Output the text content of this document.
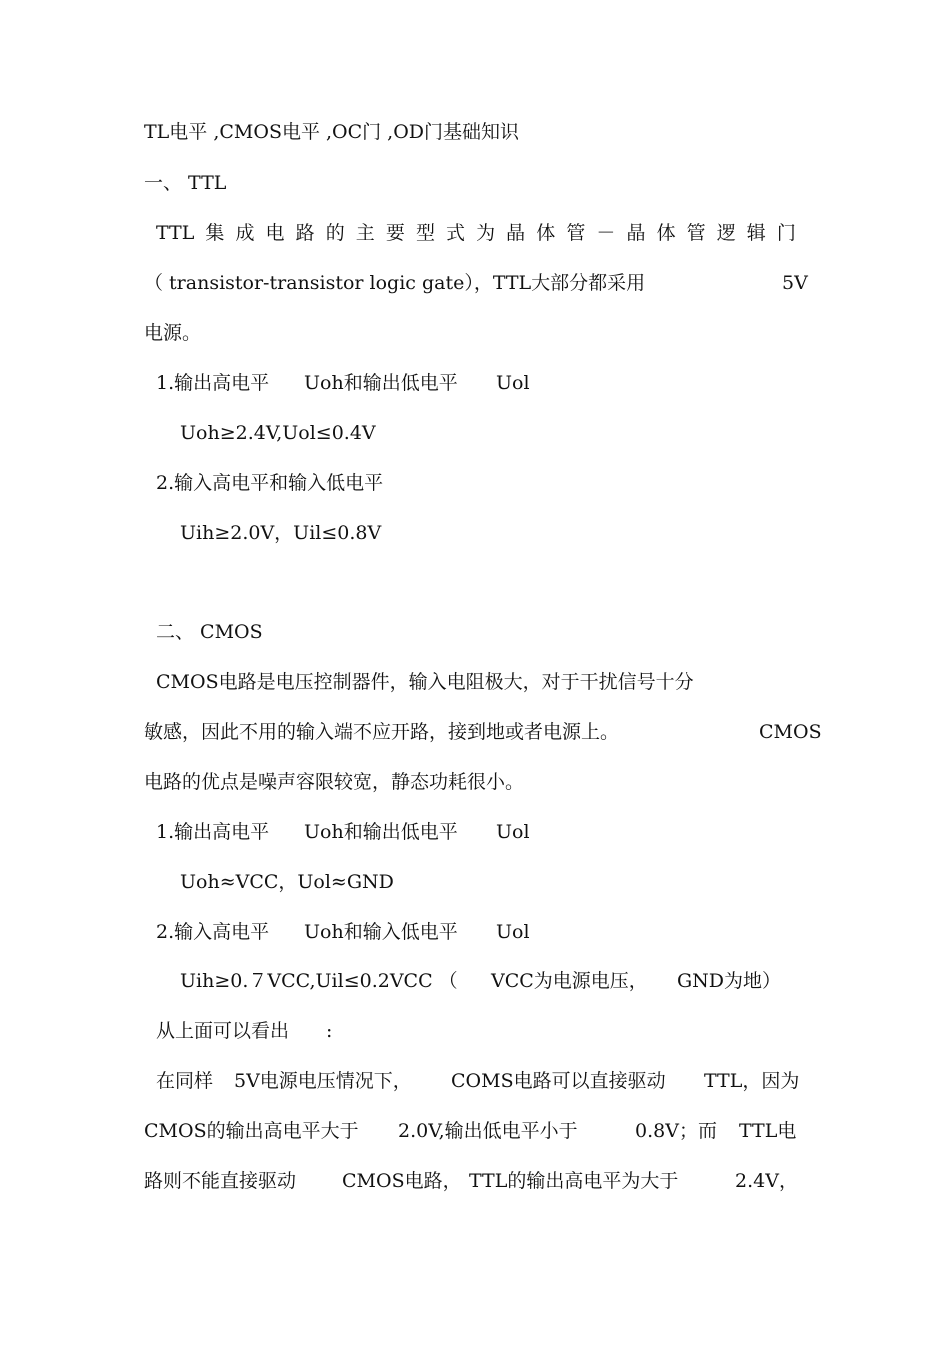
TL电平 ,CMOS电平 ,OC门 ,OD门基础知识

一、 TTL

TTL 集 成 电 路 的 主 要 型 式 为 晶 体 管 － 晶 体 管 逻 辑 门

（ transistor-transistor logic gate），TTL大部分都采用

	5V

电源。

1.输出高电平

Uoh和输出低电平

Uol

Uoh≥2.4V,Uol≤0.4V

2.输入高电平和输入低电平

Uih≥2.0V，Uil≤0.8V

二、 CMOS

CMOS电路是电压控制器件，输入电阻极大，对于干扰信号十分

敏感，因此不用的输入端不应开路，接到地或者电源上。

	CMOS

电路的优点是噪声容限较宽，静态功耗很小。

1.输出高电平

Uoh和输出低电平

Uol

Uoh≈VCC，Uol≈GND

2.输入高电平

Uoh和输入低电平

Uol

Uih≥0.７VCC,Uil≤0.2VCC （

VCC为电源电压，

GND为地）

从上面可以看出

:

在同样

5V电源电压情况下，

COMS电路可以直接驱动

TTL，因为

CMOS的输出高电平大于

2.0V,输出低电平小于

	0.8V；而

TTL电

路则不能直接驱动

CMOS电路，

TTL的输出高电平为大于

	2.4V，
